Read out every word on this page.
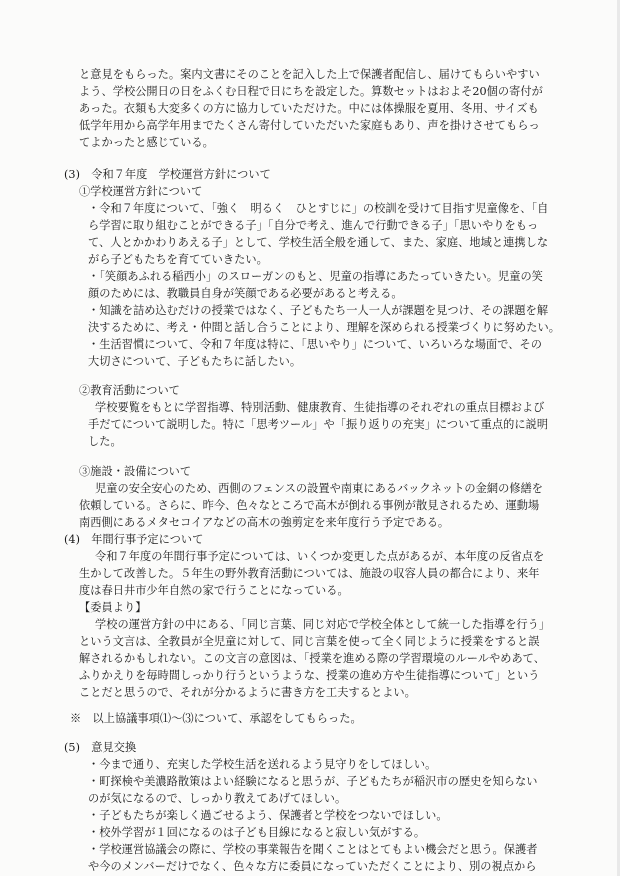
と意見をもらった。案内文書にそのことを記入した上で保護者配信し、届けてもらいやすい
よう、学校公開日の日をふくむ日程で日にちを設定した。算数セットはおよそ20個の寄付が
あった。衣類も大変多くの方に協力していただけた。中には体操服を夏用、冬用、サイズも
低学年用から高学年用までたくさん寄付していただいた家庭もあり、声を掛けさせてもらっ
てよかったと感じている。
(3)　令和７年度　学校運営方針について
①学校運営方針について
・令和７年度について、「強く　明るく　ひとすじに」の校訓を受けて目指す児童像を、「自
ら学習に取り組むことができる子」「自分で考え、進んで行動できる子」「思いやりをもっ
て、人とかかわりあえる子」として、学校生活全般を通して、また、家庭、地域と連携しな
がら子どもたちを育てていきたい。
・「笑顔あふれる稲西小」のスローガンのもと、児童の指導にあたっていきたい。児童の笑
顔のためには、教職員自身が笑顔である必要があると考える。
・知識を詰め込むだけの授業ではなく、子どもたち一人一人が課題を見つけ、その課題を解
決するために、考え・仲間と話し合うことにより、理解を深められる授業づくりに努めたい。
・生活習慣について、令和７年度は特に、「思いやり」について、いろいろな場面で、その
大切さについて、子どもたちに話したい。
②教育活動について
学校要覧をもとに学習指導、特別活動、健康教育、生徒指導のそれぞれの重点目標および
手だてについて説明した。特に「思考ツール」や「振り返りの充実」について重点的に説明
した。
③施設・設備について
児童の安全安心のため、西側のフェンスの設置や南東にあるバックネットの金網の修繕を
依頼している。さらに、昨今、色々なところで高木が倒れる事例が散見されるため、運動場
南西側にあるメタセコイアなどの高木の強剪定を来年度行う予定である。
(4)　年間行事予定について
令和７年度の年間行事予定については、いくつか変更した点があるが、本年度の反省点を
生かして改善した。５年生の野外教育活動については、施設の収容人員の都合により、来年
度は春日井市少年自然の家で行うことになっている。
【委員より】
学校の運営方針の中にある、「同じ言葉、同じ対応で学校全体として統一した指導を行う」
という文言は、全教員が全児童に対して、同じ言葉を使って全く同じように授業をすると誤
解されるかもしれない。この文言の意図は、「授業を進める際の学習環境のルールやめあて、
ふりかえりを毎時間しっかり行うというような、授業の進め方や生徒指導について」という
ことだと思うので、それが分かるように書き方を工夫するとよい。
※　以上協議事項⑴～⑶について、承認をしてもらった。
(5)　意見交換
・今まで通り、充実した学校生活を送れるよう見守りをしてほしい。
・町探検や美濃路散策はよい経験になると思うが、子どもたちが稲沢市の歴史を知らない
のが気になるので、しっかり教えてあげてほしい。
・子どもたちが楽しく過ごせるよう、保護者と学校をつないでほしい。
・校外学習が１回になるのは子ども目線になると寂しい気がする。
・学校運営協議会の際に、学校の事業報告を聞くことはとてもよい機会だと思う。保護者
や今のメンバーだけでなく、色々な方に委員になっていただくことにより、別の視点から
